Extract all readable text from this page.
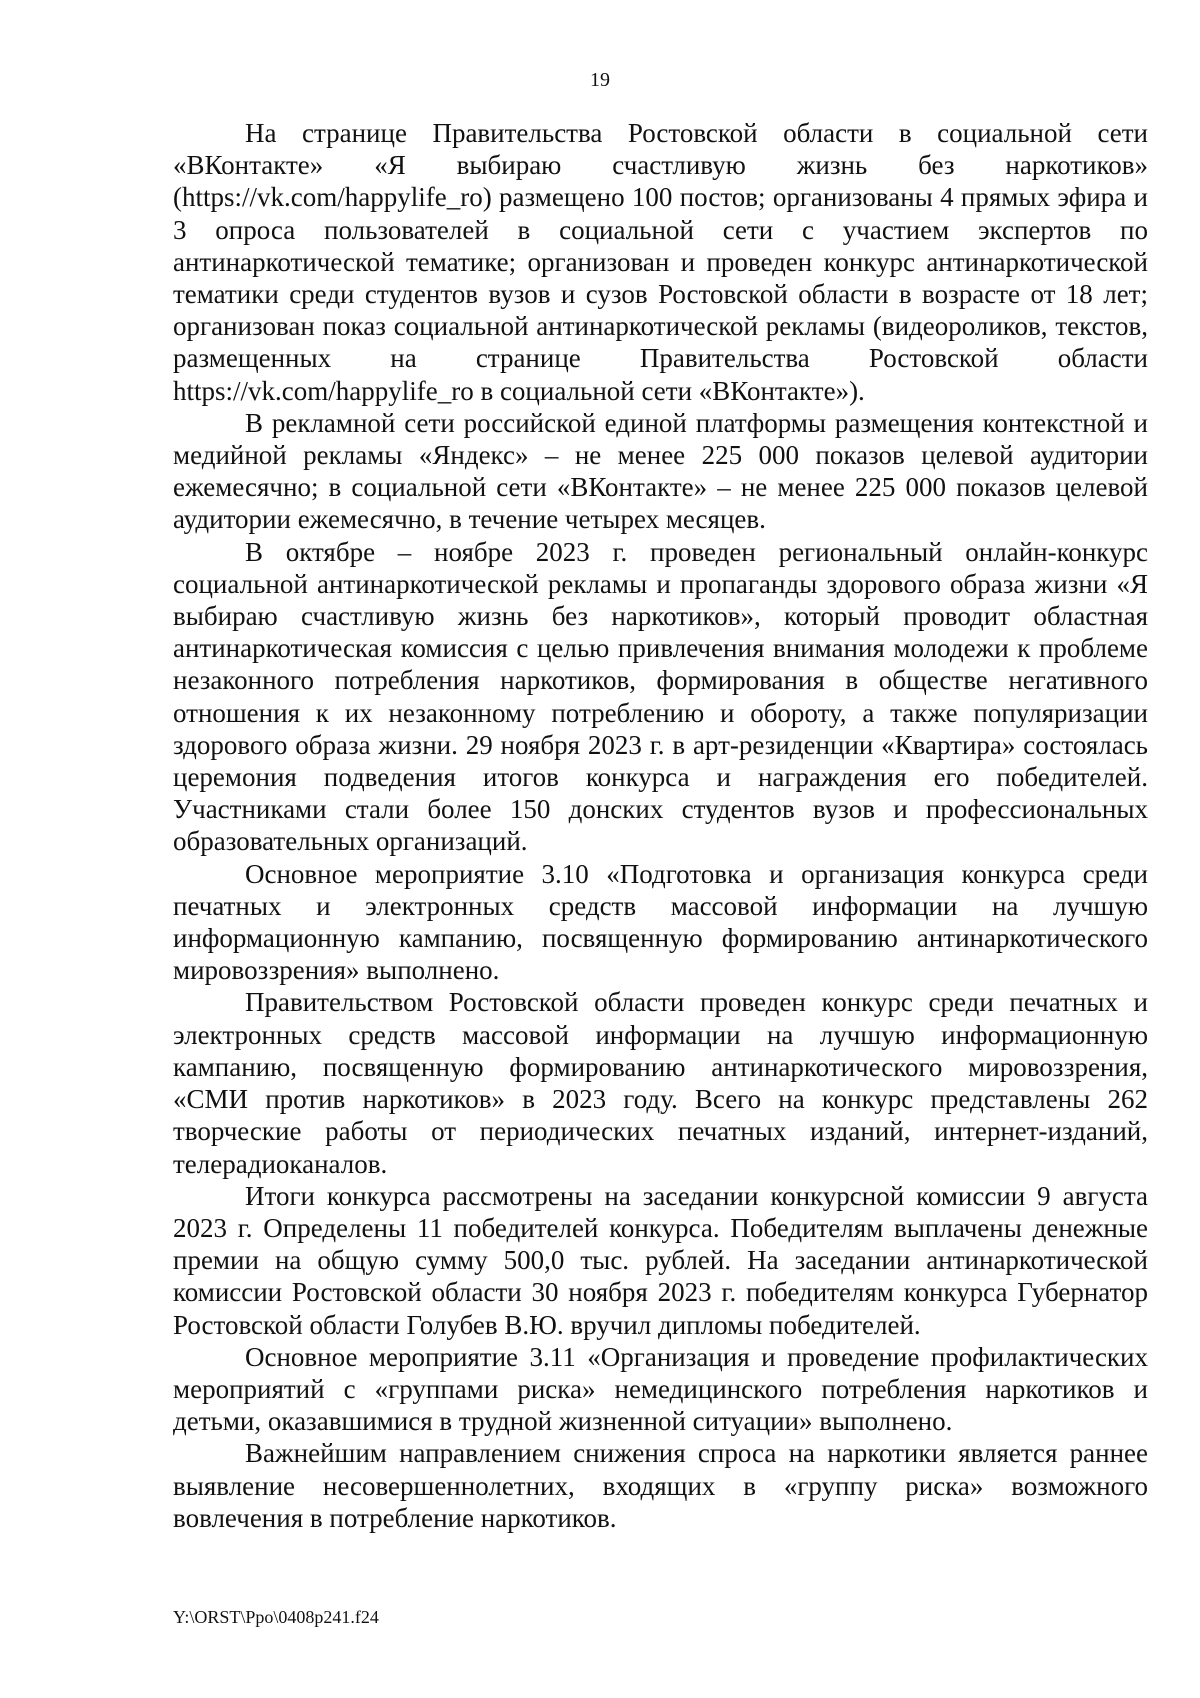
19

На странице Правительства Ростовской области в социальной сети «ВКонтакте» «Я выбираю счастливую жизнь без наркотиков» (https://vk.com/happylife_ro) размещено 100 постов; организованы 4 прямых эфира и 3 опроса пользователей в социальной сети с участием экспертов по антинаркотической тематике; организован и проведен конкурс антинаркотической тематики среди студентов вузов и сузов Ростовской области в возрасте от 18 лет; организован показ социальной антинаркотической рекламы (видеороликов, текстов, размещенных на странице Правительства Ростовской области https://vk.com/happylife_ro в социальной сети «ВКонтакте»).

В рекламной сети российской единой платформы размещения контекстной и медийной рекламы «Яндекс» – не менее 225 000 показов целевой аудитории ежемесячно; в социальной сети «ВКонтакте» – не менее 225 000 показов целевой аудитории ежемесячно, в течение четырех месяцев.

В октябре – ноябре 2023 г. проведен региональный онлайн-конкурс социальной антинаркотической рекламы и пропаганды здорового образа жизни «Я выбираю счастливую жизнь без наркотиков», который проводит областная антинаркотическая комиссия с целью привлечения внимания молодежи к проблеме незаконного потребления наркотиков, формирования в обществе негативного отношения к их незаконному потреблению и обороту, а также популяризации здорового образа жизни. 29 ноября 2023 г. в арт-резиденции «Квартира» состоялась церемония подведения итогов конкурса и награждения его победителей. Участниками стали более 150 донских студентов вузов и профессиональных образовательных организаций.

Основное мероприятие 3.10 «Подготовка и организация конкурса среди печатных и электронных средств массовой информации на лучшую информационную кампанию, посвященную формированию антинаркотического мировоззрения» выполнено.

Правительством Ростовской области проведен конкурс среди печатных и электронных средств массовой информации на лучшую информационную кампанию, посвященную формированию антинаркотического мировоззрения, «СМИ против наркотиков» в 2023 году. Всего на конкурс представлены 262 творческие работы от периодических печатных изданий, интернет-изданий, телерадиоканалов.

Итоги конкурса рассмотрены на заседании конкурсной комиссии 9 августа 2023 г. Определены 11 победителей конкурса. Победителям выплачены денежные премии на общую сумму 500,0 тыс. рублей. На заседании антинаркотической комиссии Ростовской области 30 ноября 2023 г. победителям конкурса Губернатор Ростовской области Голубев В.Ю. вручил дипломы победителей.

Основное мероприятие 3.11 «Организация и проведение профилактических мероприятий с «группами риска» немедицинского потребления наркотиков и детьми, оказавшимися в трудной жизненной ситуации» выполнено.

Важнейшим направлением снижения спроса на наркотики является раннее выявление несовершеннолетних, входящих в «группу риска» возможного вовлечения в потребление наркотиков.

Y:\ORST\Ppo\0408p241.f24
